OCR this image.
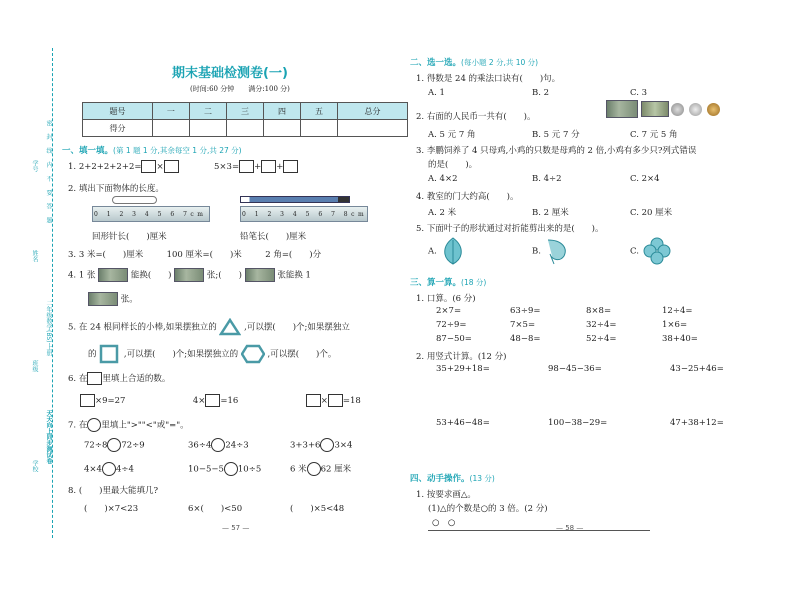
学号
姓名
班级
学校
密 封 线 内 不 要 答 题
二年级数学(BS)·上册
天天向上同步测试卷
期末基础检测卷(一)
(时间:60 分钟　　满分:100 分)
题号	一	二	三	四	五	总分
得分						
一、填一填。(第 1 题 1 分,其余每空 1 分,共 27 分)
1. 2+2+2+2+2= ×	5×3= + +
2. 填出下面物体的长度。
0 1 2 3 4 5 6 7cm	0 1 2 3 4 5 6 7 8cm
回形针长(　　)厘米	铅笔长(　　)厘米
3. 3 米=(　　)厘米	100 厘米=(　　)米	2 角=(　　)分
4. 1 张	能换(　　)	张;(　　)	张能换 1
张。
5. 在 24 根同样长的小棒,如果摆独立的	,可以摆(　　)个;如果摆独立
的	,可以摆(　　)个;如果摆独立的	,可以摆(　　)个。
6. 在 里填上合适的数。
×9=27	4× =16	× =18
7. 在 里填上">""<"或"="。
72÷8 72÷9	36÷4 24÷3	3+3+6 3×4
4×4 4÷4	10−5−5 10÷5	6 米 62 厘米
8. (　　)里最大能填几?
(　　)×7<23	6×(　　)<50	(　　)×5<48
— 57 —
二、选一选。(每小题 2 分,共 10 分)
1. 得数是 24 的乘法口诀有(　　)句。
A. 1	B. 2	C. 3
2. 右面的人民币一共有(　　)。

A. 5 元 7 角	B. 5 元 7 分	C. 7 元 5 角
3. 李鹏饲养了 4 只母鸡,小鸡的只数是母鸡的 2 倍,小鸡有多少只?列式错误
的是(　　)。
A. 4×2	B. 4÷2	C. 2×4
4. 教室的门大约高(　　)。
A. 2 米	B. 2 厘米	C. 20 厘米
5. 下面叶子的形状通过对折能剪出来的是(　　)。
A.	B.	C.
三、算一算。(18 分)
1. 口算。(6 分)
2×7=	63÷9=	8×8=	12÷4=
72÷9=	7×5=	32÷4=	1×6=
87−50=	48−8=	52÷4=	38+40=
2. 用竖式计算。(12 分)
35+29+18=	98−45−36=	43−25+46=
53+46−48=	100−38−29=	47+38+12=
四、动手操作。(13 分)
1. 按要求画△。
(1)△的个数是○的 3 倍。(2 分)
○　○	— 58 —
